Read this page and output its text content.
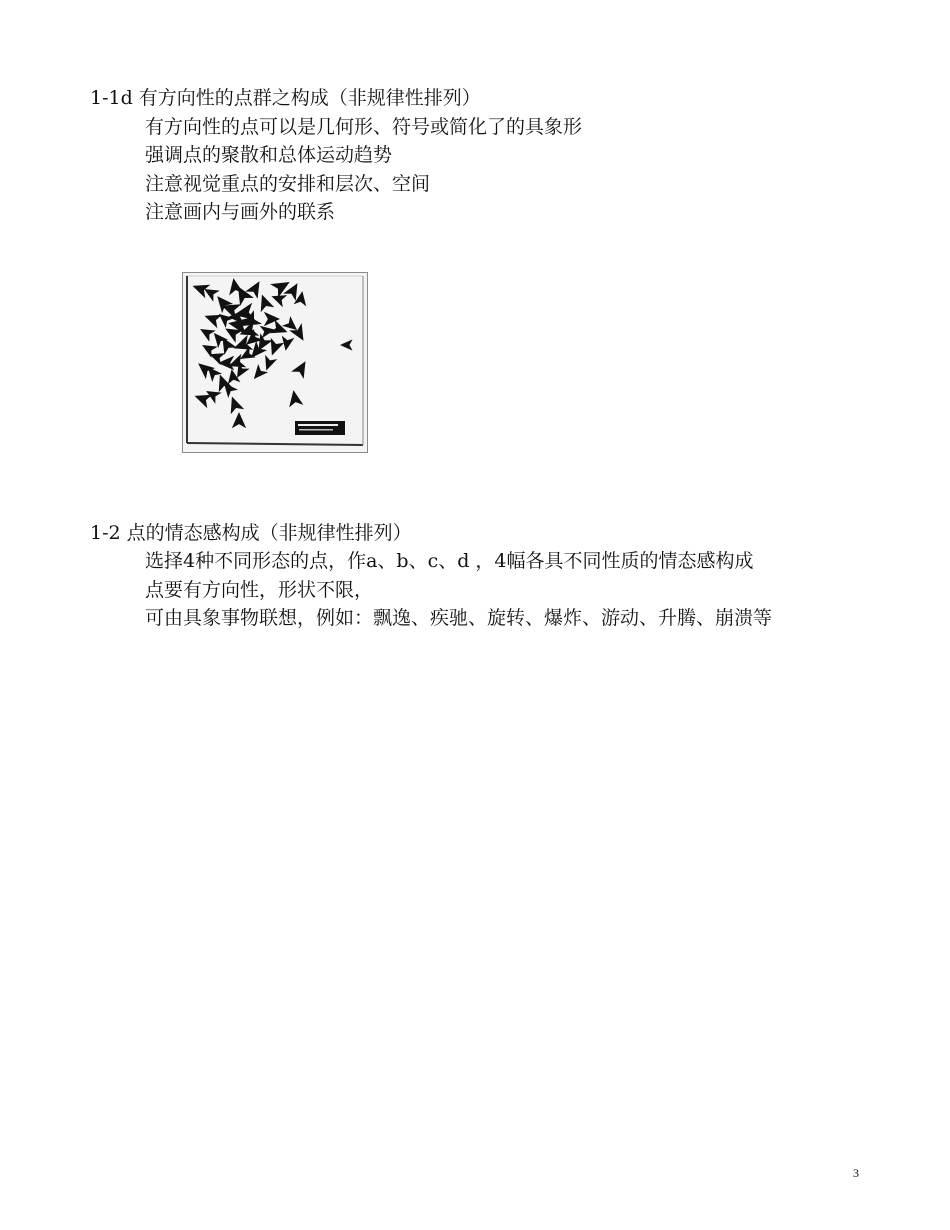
1-1d 有方向性的点群之构成（非规律性排列）
有方向性的点可以是几何形、符号或简化了的具象形
强调点的聚散和总体运动趋势
注意视觉重点的安排和层次、空间
注意画内与画外的联系
1-2 点的情态感构成（非规律性排列）
选择4种不同形态的点，作a、b、c、d ，4幅各具不同性质的情态感构成
点要有方向性，形状不限，
可由具象事物联想，例如：飘逸、疾驰、旋转、爆炸、游动、升腾、崩溃等
3
